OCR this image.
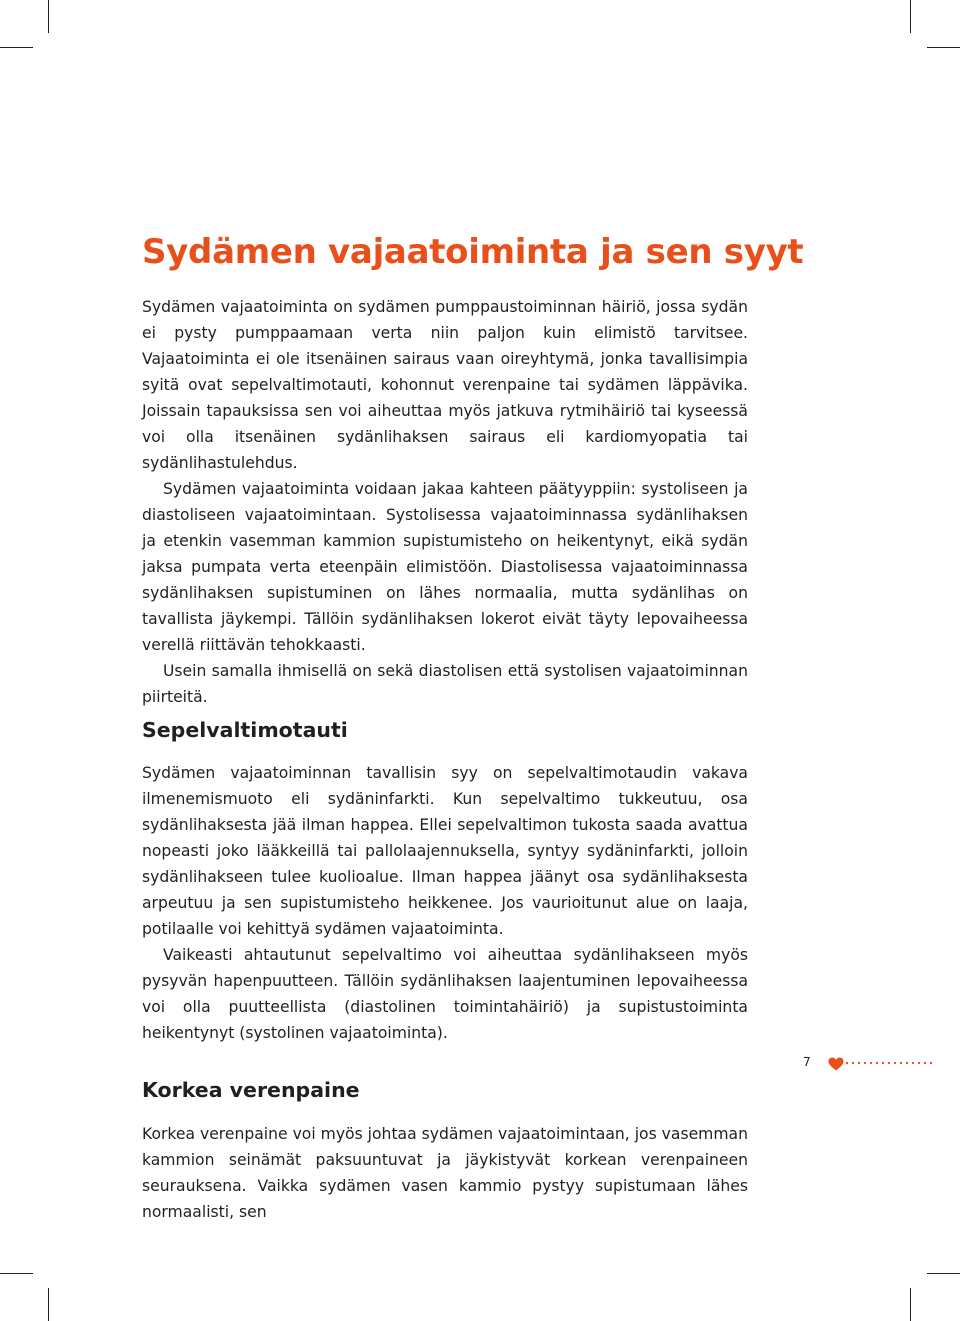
Sydämen vajaatoiminta ja sen syyt

Sydämen vajaatoiminta on sydämen pumppaustoiminnan häiriö, jossa sydän ei pysty pumppaamaan verta niin paljon kuin elimistö tarvitsee. Vajaatoiminta ei ole itsenäinen sairaus vaan oireyhtymä, jonka tavallisimpia syitä ovat sepelvaltimotauti, kohonnut verenpaine tai sydämen läppävika. Joissain tapauksissa sen voi aiheuttaa myös jatkuva rytmihäiriö tai kyseessä voi olla itsenäinen sydänlihaksen sairaus eli kardiomyopatia tai sydänlihastulehdus.

Sydämen vajaatoiminta voidaan jakaa kahteen päätyyppiin: systoliseen ja diastoliseen vajaatoimintaan. Systolisessa vajaatoiminnassa sydänlihaksen ja etenkin vasemman kammion supistumisteho on heikentynyt, eikä sydän jaksa pumpata verta eteenpäin elimistöön. Diastolisessa vajaatoiminnassa sydänlihaksen supistuminen on lähes normaalia, mutta sydänlihas on tavallista jäykempi. Tällöin sydänlihaksen lokerot eivät täyty lepovaiheessa verellä riittävän tehokkaasti.

Usein samalla ihmisellä on sekä diastolisen että systolisen vajaatoiminnan piirteitä.

Sepelvaltimotauti

Sydämen vajaatoiminnan tavallisin syy on sepelvaltimotaudin vakava ilmenemismuoto eli sydäninfarkti. Kun sepelvaltimo tukkeutuu, osa sydänlihaksesta jää ilman happea. Ellei sepelvaltimon tukosta saada avattua nopeasti joko lääkkeillä tai pallolaajennuksella, syntyy sydäninfarkti, jolloin sydänlihakseen tulee kuolioalue. Ilman happea jäänyt osa sydänlihaksesta arpeutuu ja sen supistumisteho heikkenee. Jos vaurioitunut alue on laaja, potilaalle voi kehittyä sydämen vajaatoiminta.

Vaikeasti ahtautunut sepelvaltimo voi aiheuttaa sydänlihakseen myös pysyvän hapenpuutteen. Tällöin sydänlihaksen laajentuminen lepovaiheessa voi olla puutteellista (diastolinen toimintahäiriö) ja supistustoiminta heikentynyt (systolinen vajaatoiminta).

Korkea verenpaine

Korkea verenpaine voi myös johtaa sydämen vajaatoimintaan, jos vasemman kammion seinämät paksuuntuvat ja jäykistyvät korkean verenpaineen seurauksena. Vaikka sydämen vasen kammio pystyy supistumaan lähes normaalisti, sen

7
